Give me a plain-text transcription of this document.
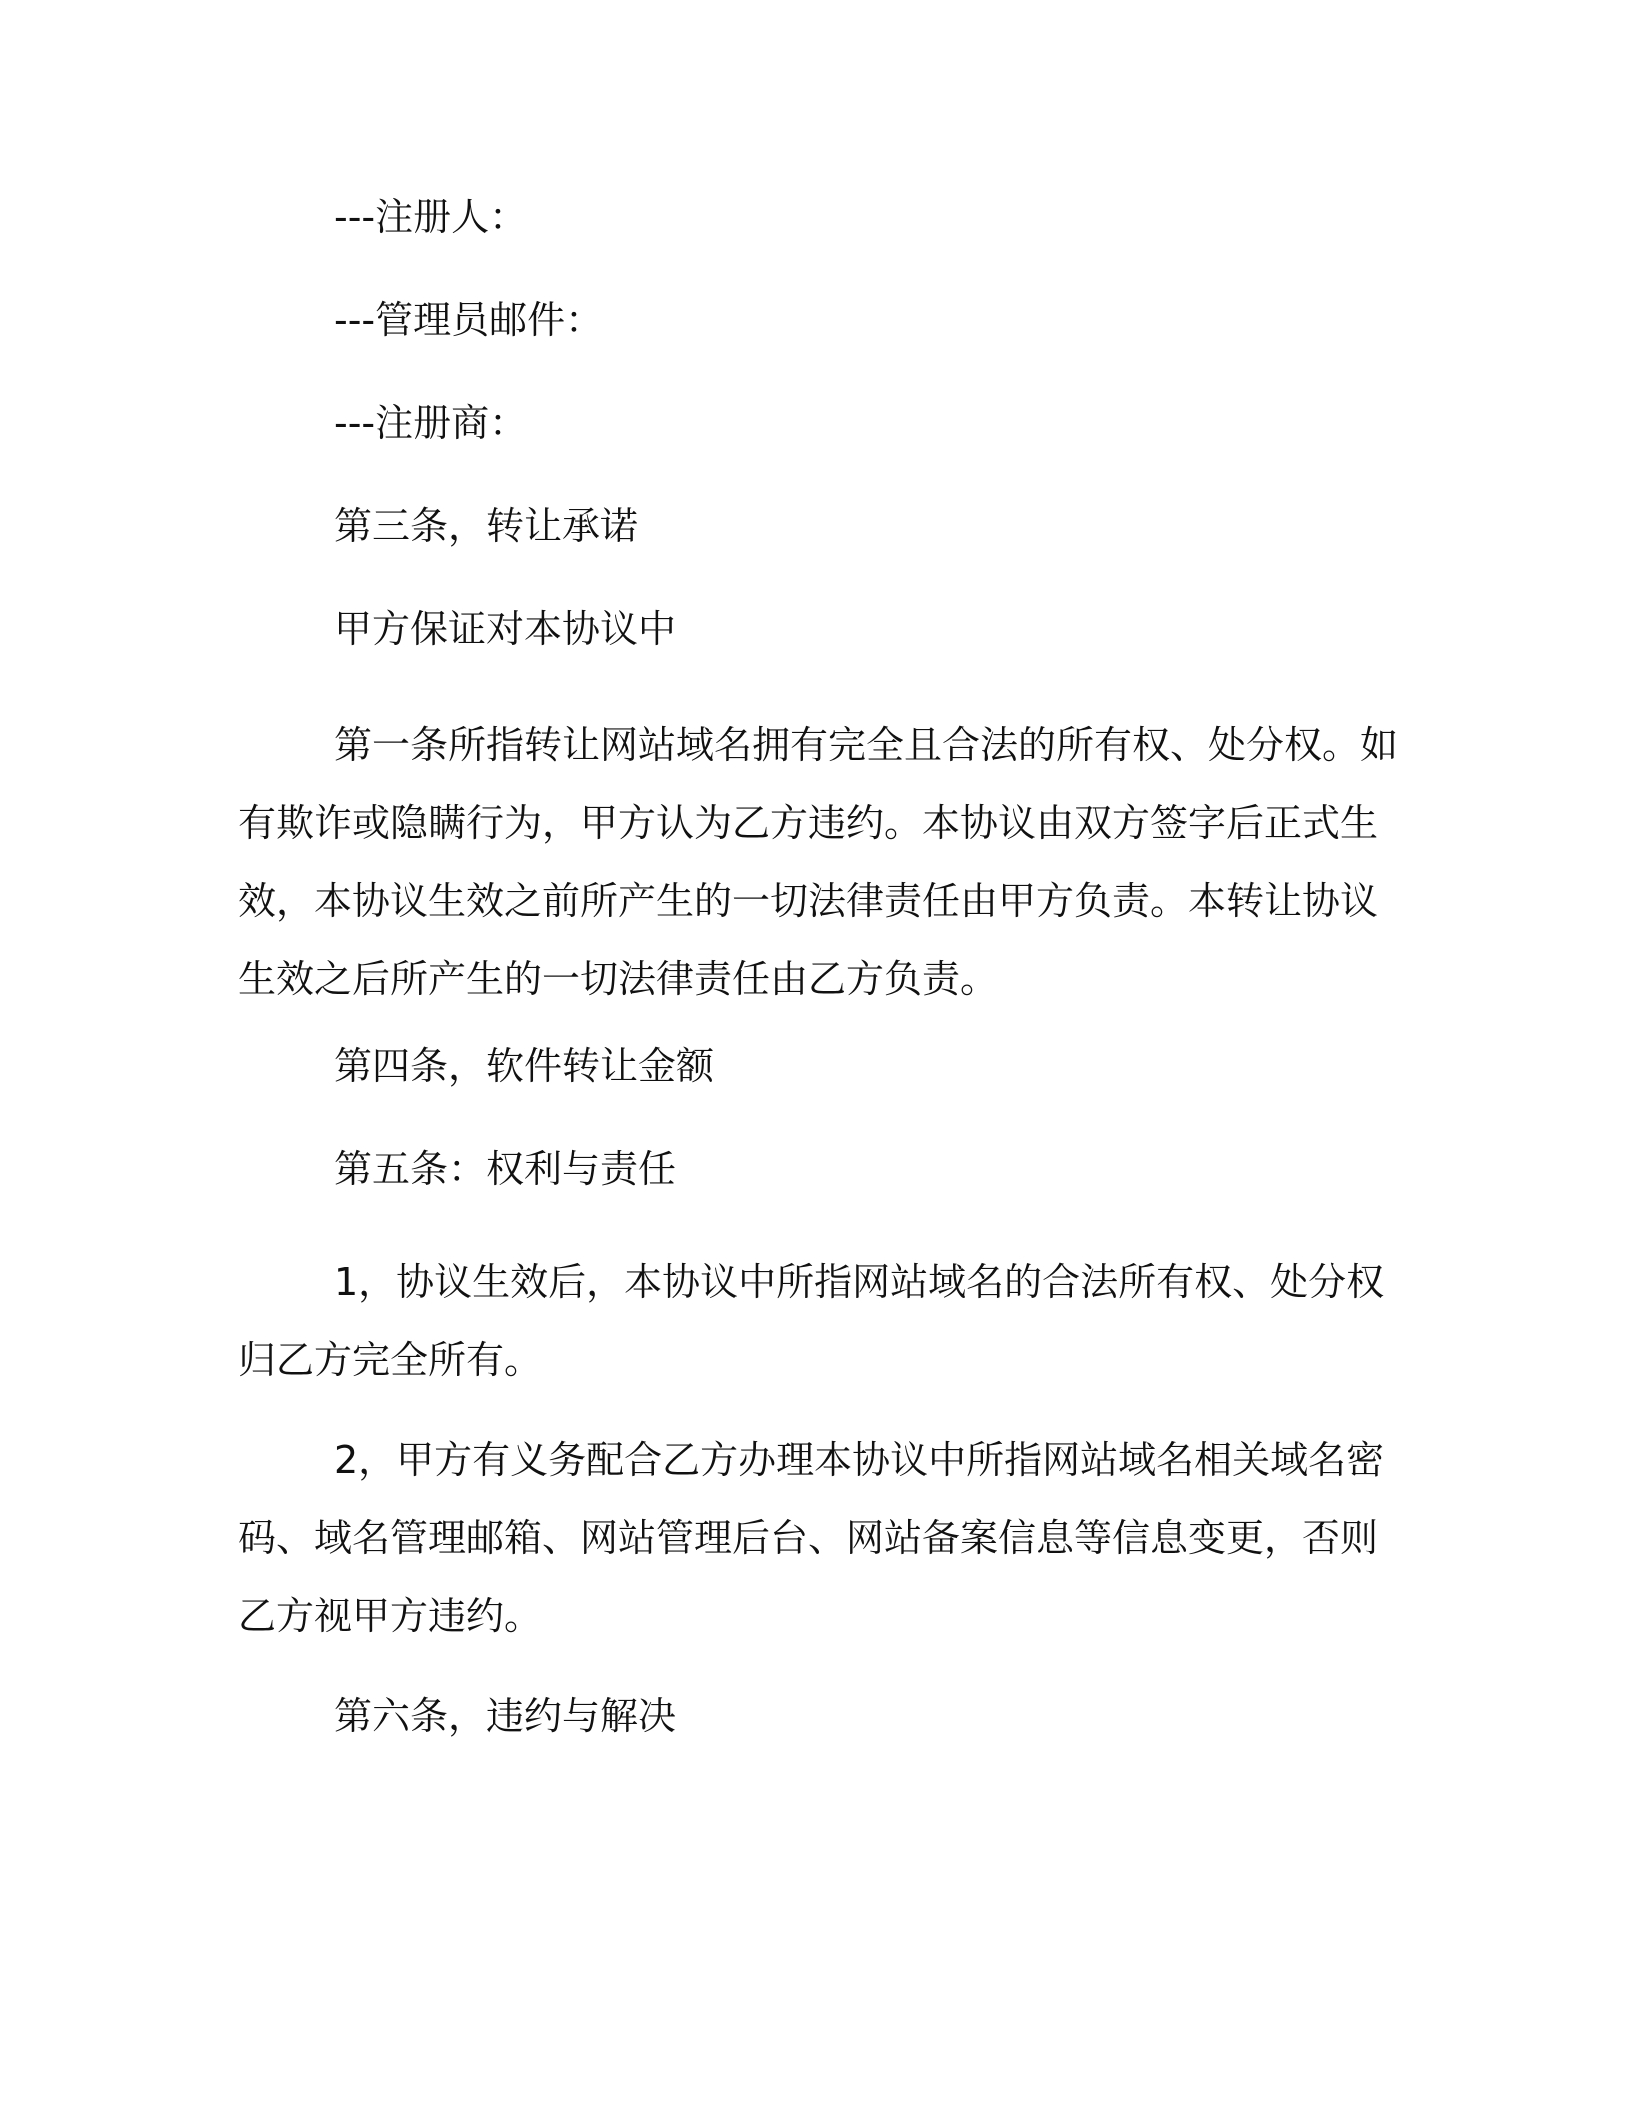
---注册人：

---管理员邮件：

---注册商：

第三条，转让承诺

甲方保证对本协议中

第一条所指转让网站域名拥有完全且合法的所有权、处分权。如
有欺诈或隐瞒行为，甲方认为乙方违约。本协议由双方签字后正式生
效，本协议生效之前所产生的一切法律责任由甲方负责。本转让协议
生效之后所产生的一切法律责任由乙方负责。

第四条，软件转让金额

第五条：权利与责任

1，协议生效后，本协议中所指网站域名的合法所有权、处分权
归乙方完全所有。
2，甲方有义务配合乙方办理本协议中所指网站域名相关域名密
码、域名管理邮箱、网站管理后台、网站备案信息等信息变更，否则
乙方视甲方违约。

第六条，违约与解决
